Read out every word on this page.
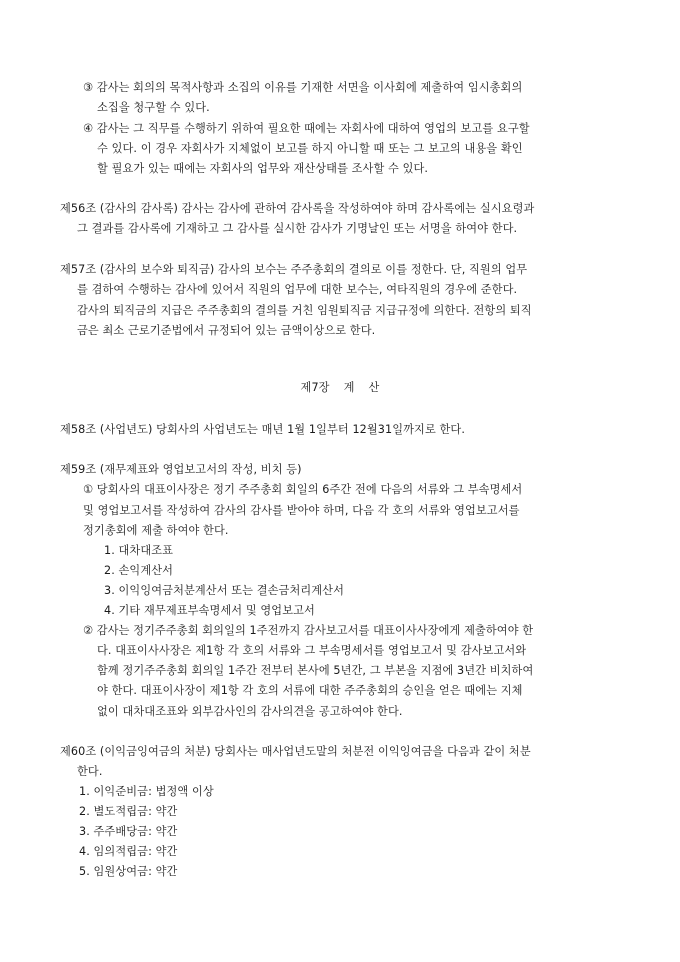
③ 감사는 회의의 목적사항과 소집의 이유를 기재한 서면을 이사회에 제출하여 임시총회의
소집을 청구할 수 있다.
④ 감사는 그 직무를 수행하기 위하여 필요한 때에는 자회사에 대하여 영업의 보고를 요구할
수 있다. 이 경우 자회사가 지체없이 보고를 하지 아니할 때 또는 그 보고의 내용을 확인
할 필요가 있는 때에는 자회사의 업무와 재산상태를 조사할 수 있다.
제56조 (감사의 감사록) 감사는 감사에 관하여 감사록을 작성하여야 하며 감사록에는 실시요령과
그 결과를 감사록에 기재하고 그 감사를 실시한 감사가 기명날인 또는 서명을 하여야 한다.
제57조 (감사의 보수와 퇴직금) 감사의 보수는 주주총회의 결의로 이를 정한다. 단, 직원의 업무
를 겸하여 수행하는 감사에 있어서 직원의 업무에 대한 보수는, 여타직원의 경우에 준한다.
감사의 퇴직금의 지급은 주주총회의 결의를 거친 임원퇴직금 지급규정에 의한다. 전항의 퇴직
금은 최소 근로기준법에서 규정되어 있는 금액이상으로 한다.
제7장 계 산
제58조 (사업년도) 당회사의 사업년도는 매년 1월 1일부터 12월31일까지로 한다.
제59조 (재무제표와 영업보고서의 작성, 비치 등)
① 당회사의 대표이사장은 정기 주주총회 회일의 6주간 전에 다음의 서류와 그 부속명세서
및 영업보고서를 작성하여 감사의 감사를 받아야 하며, 다음 각 호의 서류와 영업보고서를
정기총회에 제출 하여야 한다.
1. 대차대조표
2. 손익계산서
3. 이익잉여금처분계산서 또는 결손금처리계산서
4. 기타 재무제표부속명세서 및 영업보고서
② 감사는 정기주주총회 회의일의 1주전까지 감사보고서를 대표이사사장에게 제출하여야 한
다. 대표이사사장은 제1항 각 호의 서류와 그 부속명세서를 영업보고서 및 감사보고서와
함께 정기주주총회 회의일 1주간 전부터 본사에 5년간, 그 부본을 지점에 3년간 비치하여
야 한다. 대표이사장이 제1항 각 호의 서류에 대한 주주총회의 승인을 얻은 때에는 지체
없이 대차대조표와 외부감사인의 감사의견을 공고하여야 한다.
제60조 (이익금잉여금의 처분) 당회사는 매사업년도말의 처분전 이익잉여금을 다음과 같이 처분
한다.
1. 이익준비금: 법정액 이상
2. 별도적립금: 약간
3. 주주배당금: 약간
4. 임의적립금: 약간
5. 임원상여금: 약간
